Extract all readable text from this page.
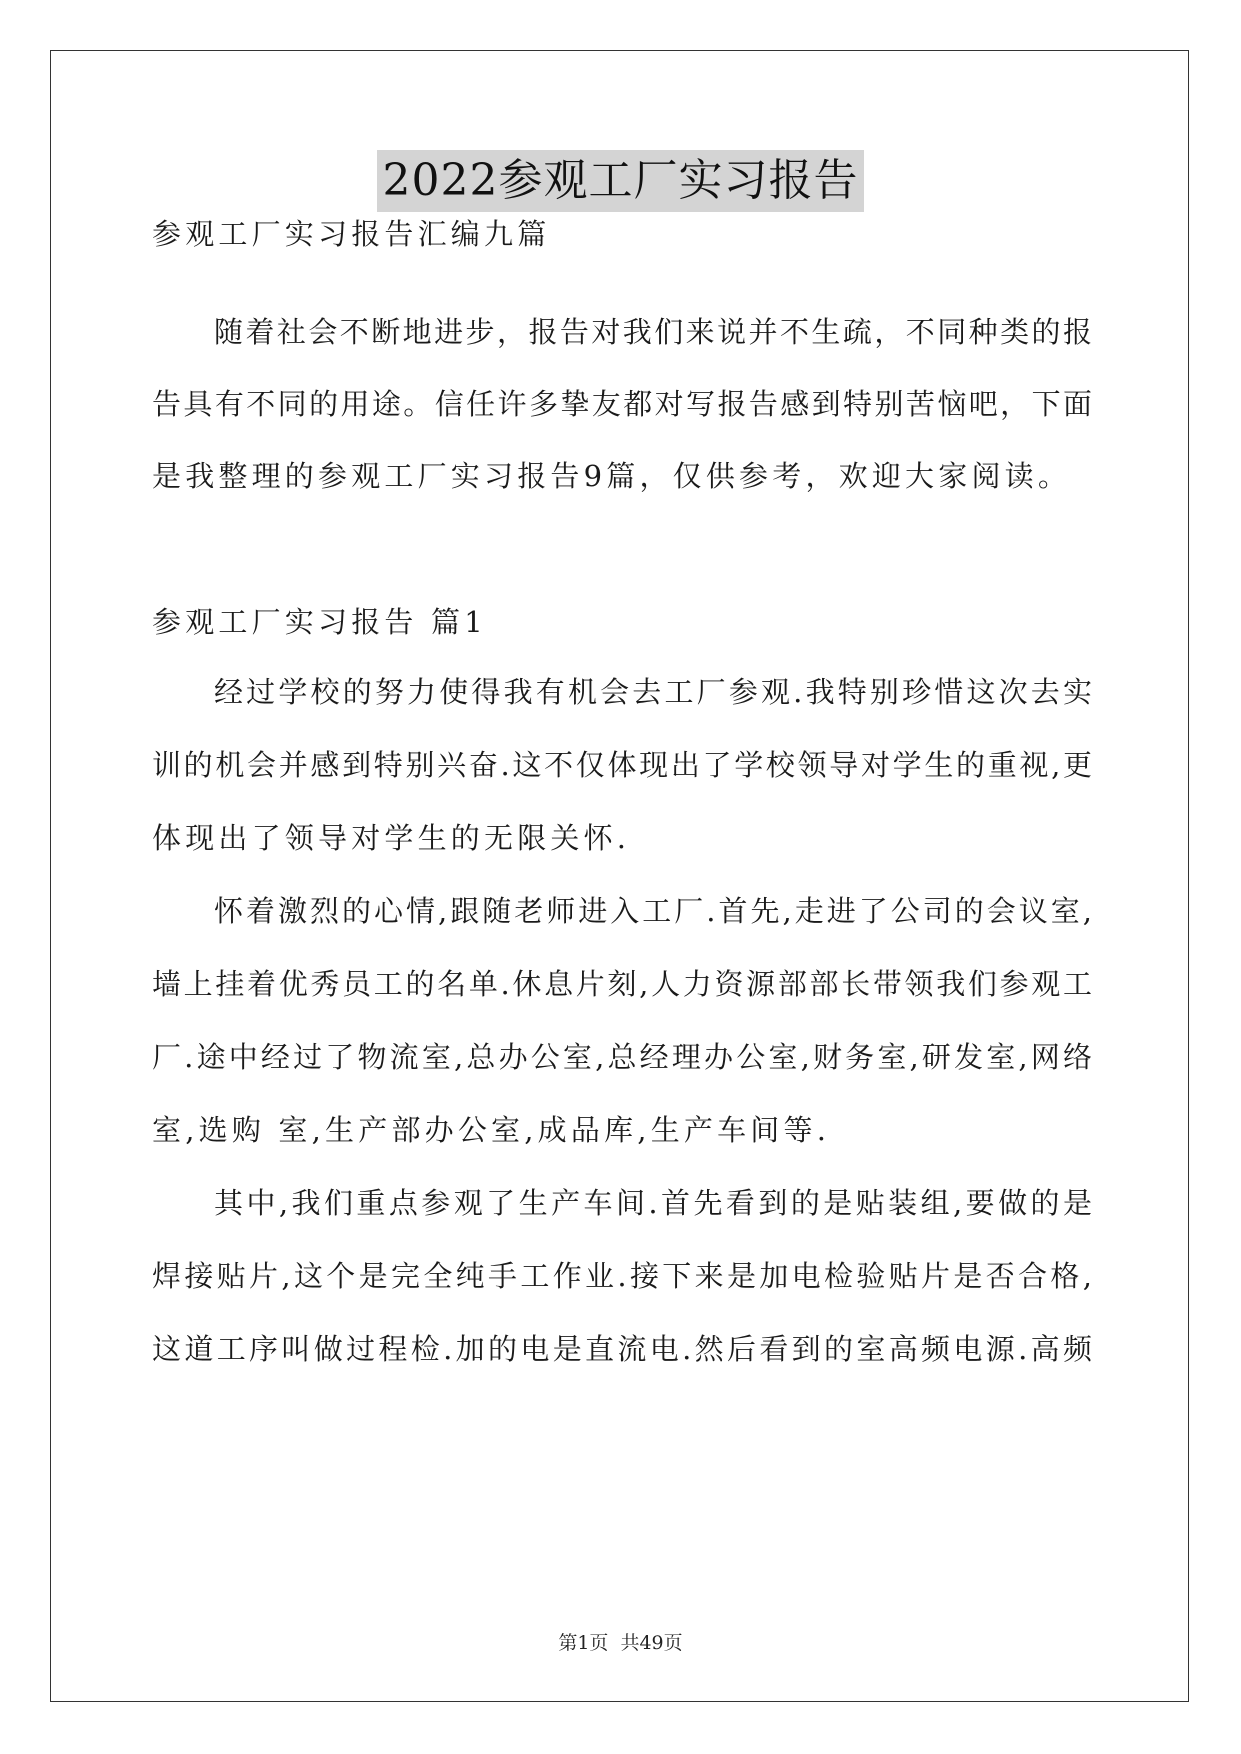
2022参观工厂实习报告
参观工厂实习报告汇编九篇
随着社会不断地进步，报告对我们来说并不生疏，不同种类的报
告具有不同的用途。信任许多挚友都对写报告感到特别苦恼吧，下面
是我整理的参观工厂实习报告9篇，仅供参考，欢迎大家阅读。
参观工厂实习报告 篇1
经过学校的努力使得我有机会去工厂参观.我特别珍惜这次去实
训的机会并感到特别兴奋.这不仅体现出了学校领导对学生的重视,更
体现出了领导对学生的无限关怀.
怀着激烈的心情,跟随老师进入工厂.首先,走进了公司的会议室,
墙上挂着优秀员工的名单.休息片刻,人力资源部部长带领我们参观工
厂.途中经过了物流室,总办公室,总经理办公室,财务室,研发室,网络
室,选购 室,生产部办公室,成品库,生产车间等.
其中,我们重点参观了生产车间.首先看到的是贴装组,要做的是
焊接贴片,这个是完全纯手工作业.接下来是加电检验贴片是否合格,
这道工序叫做过程检.加的电是直流电.然后看到的室高频电源.高频
第1页 共49页
